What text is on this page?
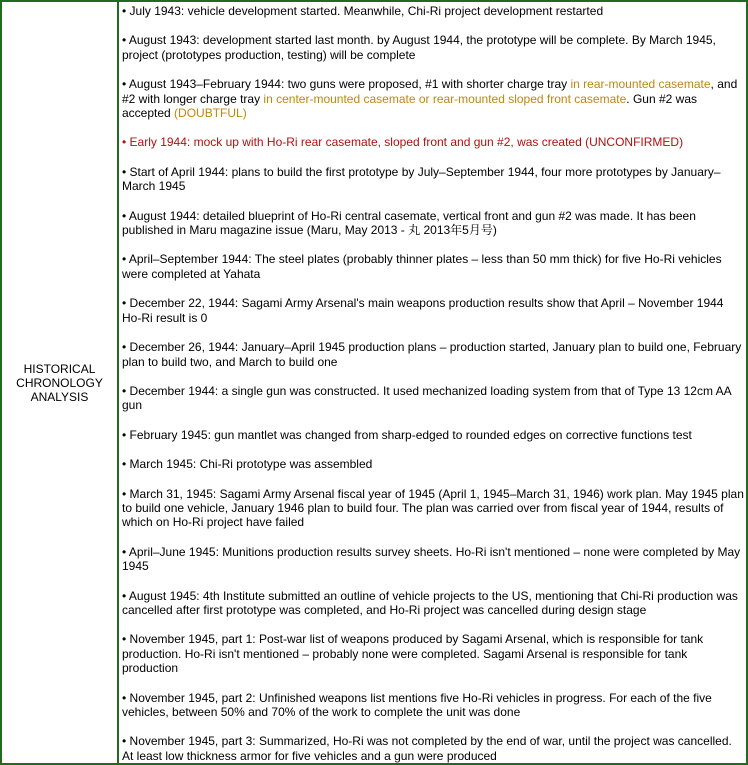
HISTORICAL CHRONOLOGY ANALYSIS	
• July 1943: vehicle development started. Meanwhile, Chi-Ri project development restarted
• August 1943: development started last month. by August 1944, the prototype will be complete. By March 1945, project (prototypes production, testing) will be complete
• August 1943–February 1944: two guns were proposed, #1 with shorter charge tray in rear-mounted casemate, and #2 with longer charge tray in center-mounted casemate or rear-mounted sloped front casemate. Gun #2 was accepted (DOUBTFUL)
• Early 1944: mock up with Ho-Ri rear casemate, sloped front and gun #2, was created (UNCONFIRMED)
• Start of April 1944: plans to build the first prototype by July–September 1944, four more prototypes by January–March 1945
• August 1944: detailed blueprint of Ho-Ri central casemate, vertical front and gun #2 was made. It has been published in Maru magazine issue (Maru, May 2013 - 丸 2013年5月号)
• April–September 1944: The steel plates (probably thinner plates – less than 50 mm thick) for five Ho-Ri vehicles were completed at Yahata
• December 22, 1944: Sagami Army Arsenal's main weapons production results show that April – November 1944 Ho-Ri result is 0
• December 26, 1944: January–April 1945 production plans – production started, January plan to build one, February plan to build two, and March to build one
• December 1944: a single gun was constructed. It used mechanized loading system from that of Type 13 12cm AA gun
• February 1945: gun mantlet was changed from sharp-edged to rounded edges on corrective functions test
• March 1945: Chi-Ri prototype was assembled
• March 31, 1945: Sagami Army Arsenal fiscal year of 1945 (April 1, 1945–March 31, 1946) work plan. May 1945 plan to build one vehicle, January 1946 plan to build four. The plan was carried over from fiscal year of 1944, results of which on Ho-Ri project have failed
• April–June 1945: Munitions production results survey sheets. Ho-Ri isn't mentioned – none were completed by May 1945
• August 1945: 4th Institute submitted an outline of vehicle projects to the US, mentioning that Chi-Ri production was cancelled after first prototype was completed, and Ho-Ri project was cancelled during design stage
• November 1945, part 1: Post-war list of weapons produced by Sagami Arsenal, which is responsible for tank production. Ho-Ri isn't mentioned – probably none were completed. Sagami Arsenal is responsible for tank production
• November 1945, part 2: Unfinished weapons list mentions five Ho-Ri vehicles in progress. For each of the five vehicles, between 50% and 70% of the work to complete the unit was done
• November 1945, part 3: Summarized, Ho-Ri was not completed by the end of war, until the project was cancelled. At least low thickness armor for five vehicles and a gun were produced
